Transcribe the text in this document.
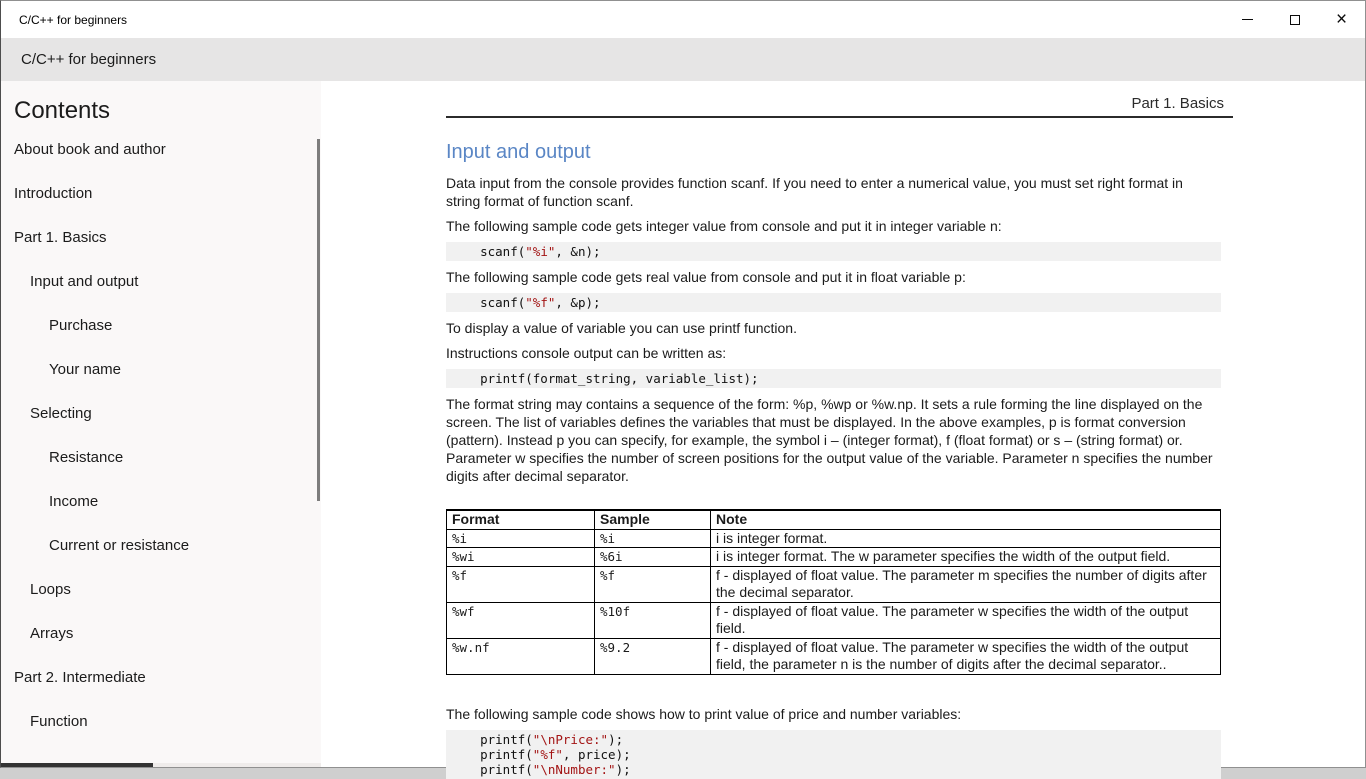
C/C++ for beginners	×
C/C++ for beginners
Contents
About book and author
Introduction
Part 1. Basics
Input and output
Purchase
Your name
Selecting
Resistance
Income
Current or resistance
Loops
Arrays
Part 2. Intermediate
Function
Part 1. Basics
Input and output

Data input from the console provides function scanf. If you need to enter a numerical value, you must set right format in string format of function scanf.

The following sample code gets integer value from console and put it in integer variable n:

scanf("%i", &n);

The following sample code gets real value from console and put it in float variable p:

scanf("%f", &p);

To display a value of variable you can use printf function.

Instructions console output can be written as:

printf(format_string, variable_list);

The format string may contains a sequence of the form: %p, %wp or %w.np. It sets a rule forming the line displayed on the screen. The list of variables defines the variables that must be displayed. In the above examples, p is format conversion (pattern). Instead p you can specify, for example, the symbol i – (integer format), f (float format) or s – (string format) or. Parameter w specifies the number of screen positions for the output value of the variable. Parameter n specifies the number digits after decimal separator.

Format	Sample	Note
%i	%i	i is integer format.
%wi	%6i	i is integer format. The w parameter specifies the width of the output field.
%f	%f	f - displayed of float value. The parameter m specifies the number of digits after the decimal separator.
%wf	%10f	f - displayed of float value. The parameter w specifies the width of the output field.
%w.nf	%9.2	f - displayed of float value. The parameter w specifies the width of the output field, the parameter n is the number of digits after the decimal separator..

The following sample code shows how to print value of price and number variables:

printf("\nPrice:");
printf("%f", price);
printf("\nNumber:");
